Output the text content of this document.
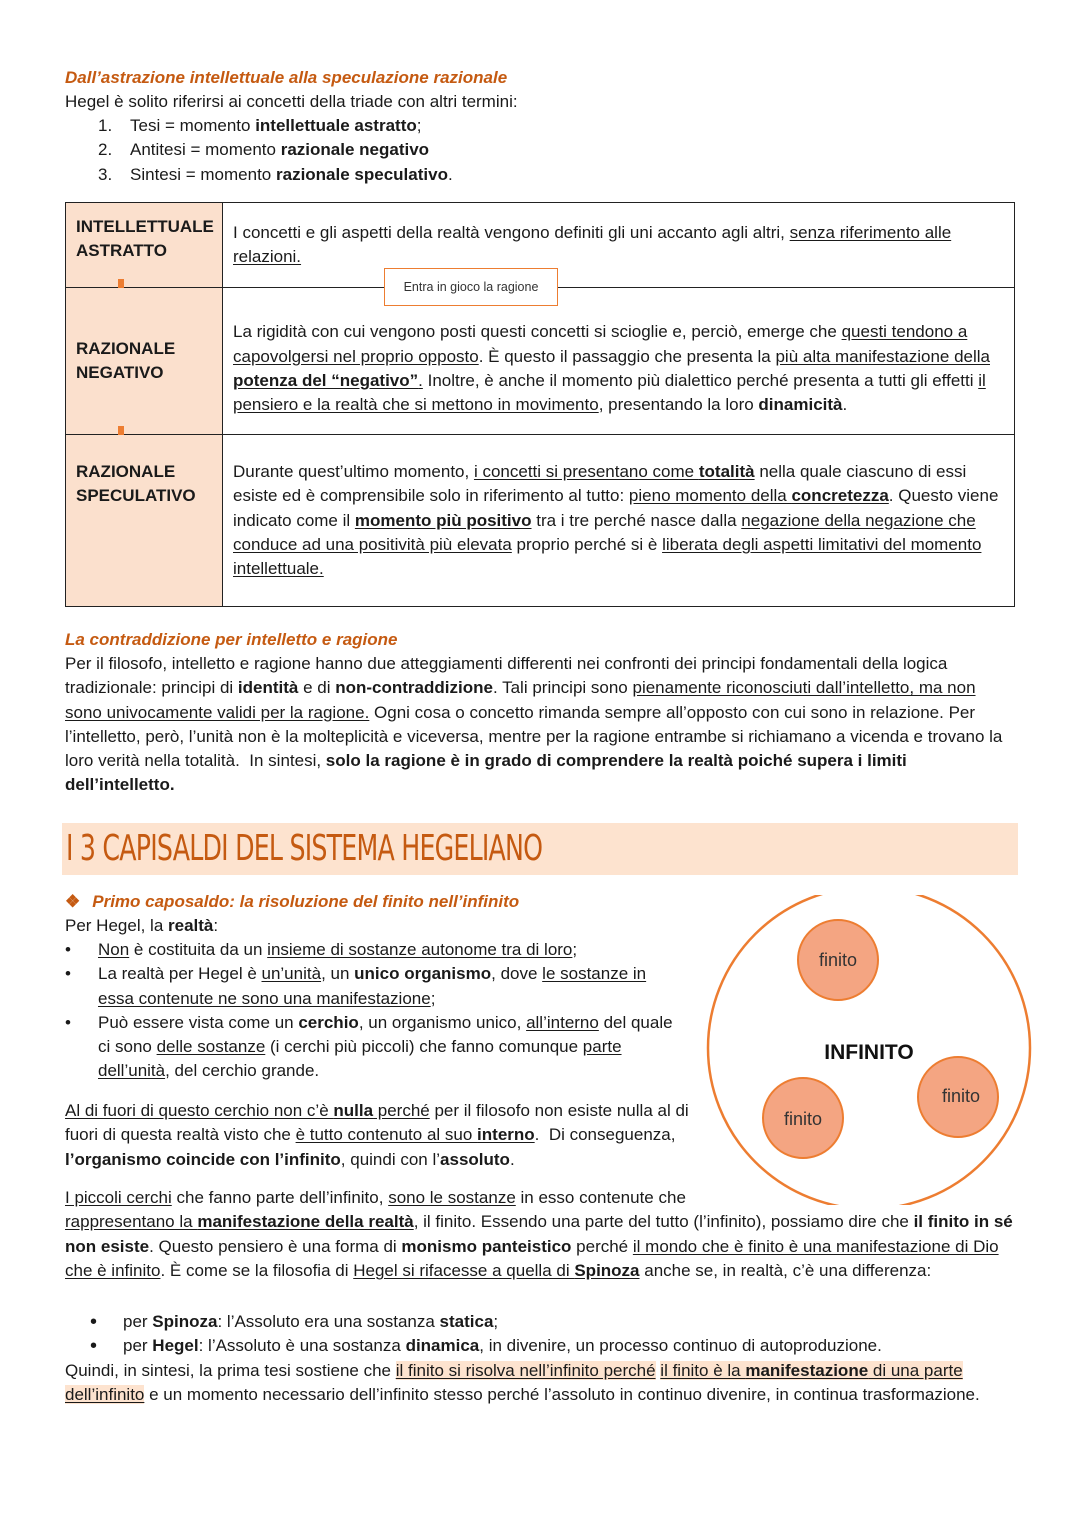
Dall’astrazione intellettuale alla speculazione razionale
Hegel è solito riferirsi ai concetti della triade con altri termini:
1. Tesi = momento intellettuale astratto;
2. Antitesi = momento razionale negativo
3. Sintesi = momento razionale speculativo.
INTELLETTUALE
ASTRATTO	I concetti e gli aspetti della realtà vengono definiti gli uni accanto agli altri, senza riferimento alle relazioni.

RAZIONALE
NEGATIVO	La rigidità con cui vengono posti questi concetti si scioglie e, perciò, emerge che questi tendono a capovolgersi nel proprio opposto. È questo il passaggio che presenta la più alta manifestazione della potenza del “negativo”. Inoltre, è anche il momento più dialettico perché presenta a tutti gli effetti il pensiero e la realtà che si mettono in movimento, presentando la loro dinamicità.
RAZIONALE
SPECULATIVO	Durante quest’ultimo momento, i concetti si presentano come totalità nella quale ciascuno di essi esiste ed è comprensibile solo in riferimento al tutto: pieno momento della concretezza. Questo viene indicato come il momento più positivo tra i tre perché nasce dalla negazione della negazione che conduce ad una positività più elevata proprio perché si è liberata degli aspetti limitativi del momento intellettuale.
Entra in gioco la ragione
La contraddizione per intelletto e ragione
Per il filosofo, intelletto e ragione hanno due atteggiamenti differenti nei confronti dei principi fondamentali della logica tradizionale: principi di identità e di non-contraddizione. Tali principi sono pienamente riconosciuti dall’intelletto, ma non sono univocamente validi per la ragione. Ogni cosa o concetto rimanda sempre all’opposto con cui sono in relazione. Per l’intelletto, però, l’unità non è la molteplicità e viceversa, mentre per la ragione entrambe si richiamano a vicenda e trovano la loro verità nella totalità.  In sintesi, solo la ragione è in grado di comprendere la realtà poiché supera i limiti dell’intelletto.
I 3 CAPISALDI DEL SISTEMA HEGELIANO
❖ Primo caposaldo: la risoluzione del finito nell’infinito
Per Hegel, la realtà:
• Non è costituita da un insieme di sostanze autonome tra di loro;
• La realtà per Hegel è un’unità, un unico organismo, dove le sostanze in essa contenute ne sono una manifestazione;
• Può essere vista come un cerchio, un organismo unico, all’interno del quale ci sono delle sostanze (i cerchi più piccoli) che fanno comunque parte dell’unità, del cerchio grande.
Al di fuori di questo cerchio non c’è nulla perché per il filosofo non esiste nulla al di fuori di questa realtà visto che è tutto contenuto al suo interno.  Di conseguenza, l’organismo coincide con l’infinito, quindi con l’assoluto.
I piccoli cerchi che fanno parte dell’infinito, sono le sostanze in esso contenute che
rappresentano la manifestazione della realtà, il finito. Essendo una parte del tutto (l’infinito), possiamo dire che il finito in sé non esiste. Questo pensiero è una forma di monismo panteistico perché il mondo che è finito è una manifestazione di Dio che è infinito. È come se la filosofia di Hegel si rifacesse a quella di Spinoza anche se, in realtà, c’è una differenza:
• per Spinoza: l’Assoluto era una sostanza statica;
• per Hegel: l’Assoluto è una sostanza dinamica, in divenire, un processo continuo di autoproduzione.
Quindi, in sintesi, la prima tesi sostiene che il finito si risolva nell’infinito perché il finito è la manifestazione di una parte dell’infinito e un momento necessario dell’infinito stesso perché l’assoluto in continuo divenire, in continua trasformazione.
finito
finito
finito
INFINITO
